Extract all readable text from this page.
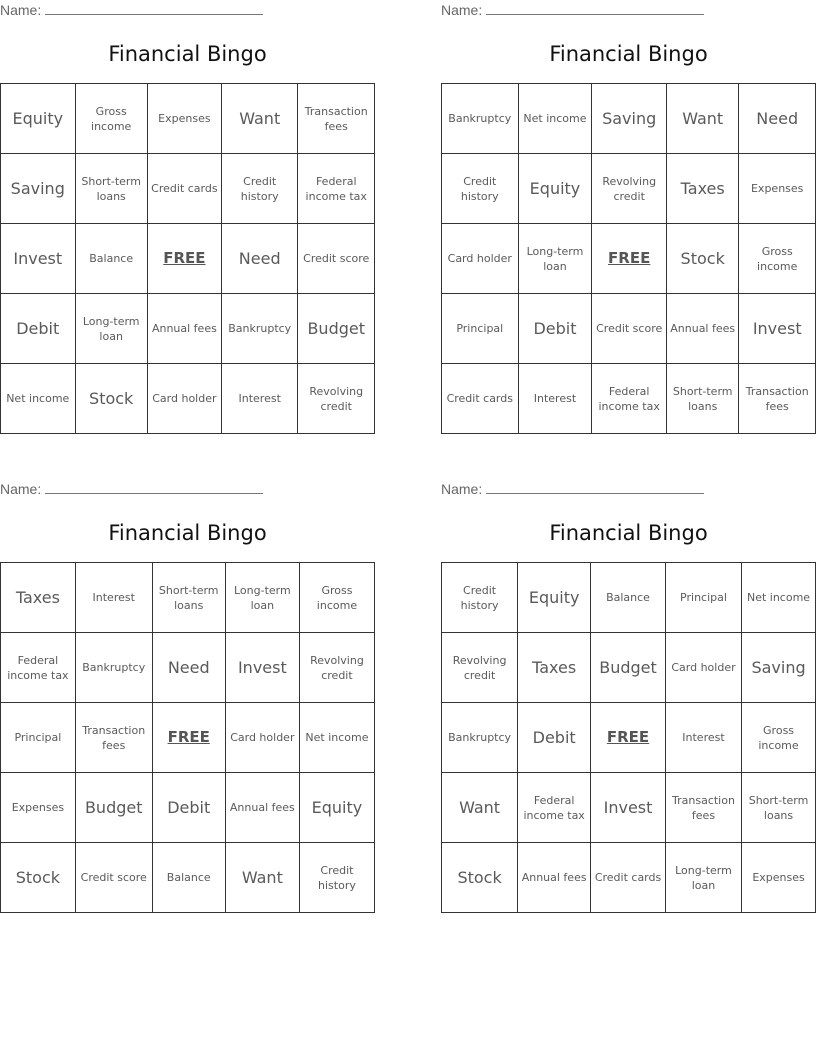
Name:
Financial Bingo
Equity	Gross income	Expenses	Want	Transaction fees
Saving	Short-term loans	Credit cards	Credit history	Federal income tax
Invest	Balance	FREE	Need	Credit score
Debit	Long-term loan	Annual fees	Bankruptcy	Budget
Net income	Stock	Card holder	Interest	Revolving credit
Name:
Financial Bingo
Bankruptcy	Net income	Saving	Want	Need
Credit history	Equity	Revolving credit	Taxes	Expenses
Card holder	Long-term loan	FREE	Stock	Gross income
Principal	Debit	Credit score	Annual fees	Invest
Credit cards	Interest	Federal income tax	Short-term loans	Transaction fees
Name:
Financial Bingo
Taxes	Interest	Short-term loans	Long-term loan	Gross income
Federal income tax	Bankruptcy	Need	Invest	Revolving credit
Principal	Transaction fees	FREE	Card holder	Net income
Expenses	Budget	Debit	Annual fees	Equity
Stock	Credit score	Balance	Want	Credit history
Name:
Financial Bingo
Credit history	Equity	Balance	Principal	Net income
Revolving credit	Taxes	Budget	Card holder	Saving
Bankruptcy	Debit	FREE	Interest	Gross income
Want	Federal income tax	Invest	Transaction fees	Short-term loans
Stock	Annual fees	Credit cards	Long-term loan	Expenses
